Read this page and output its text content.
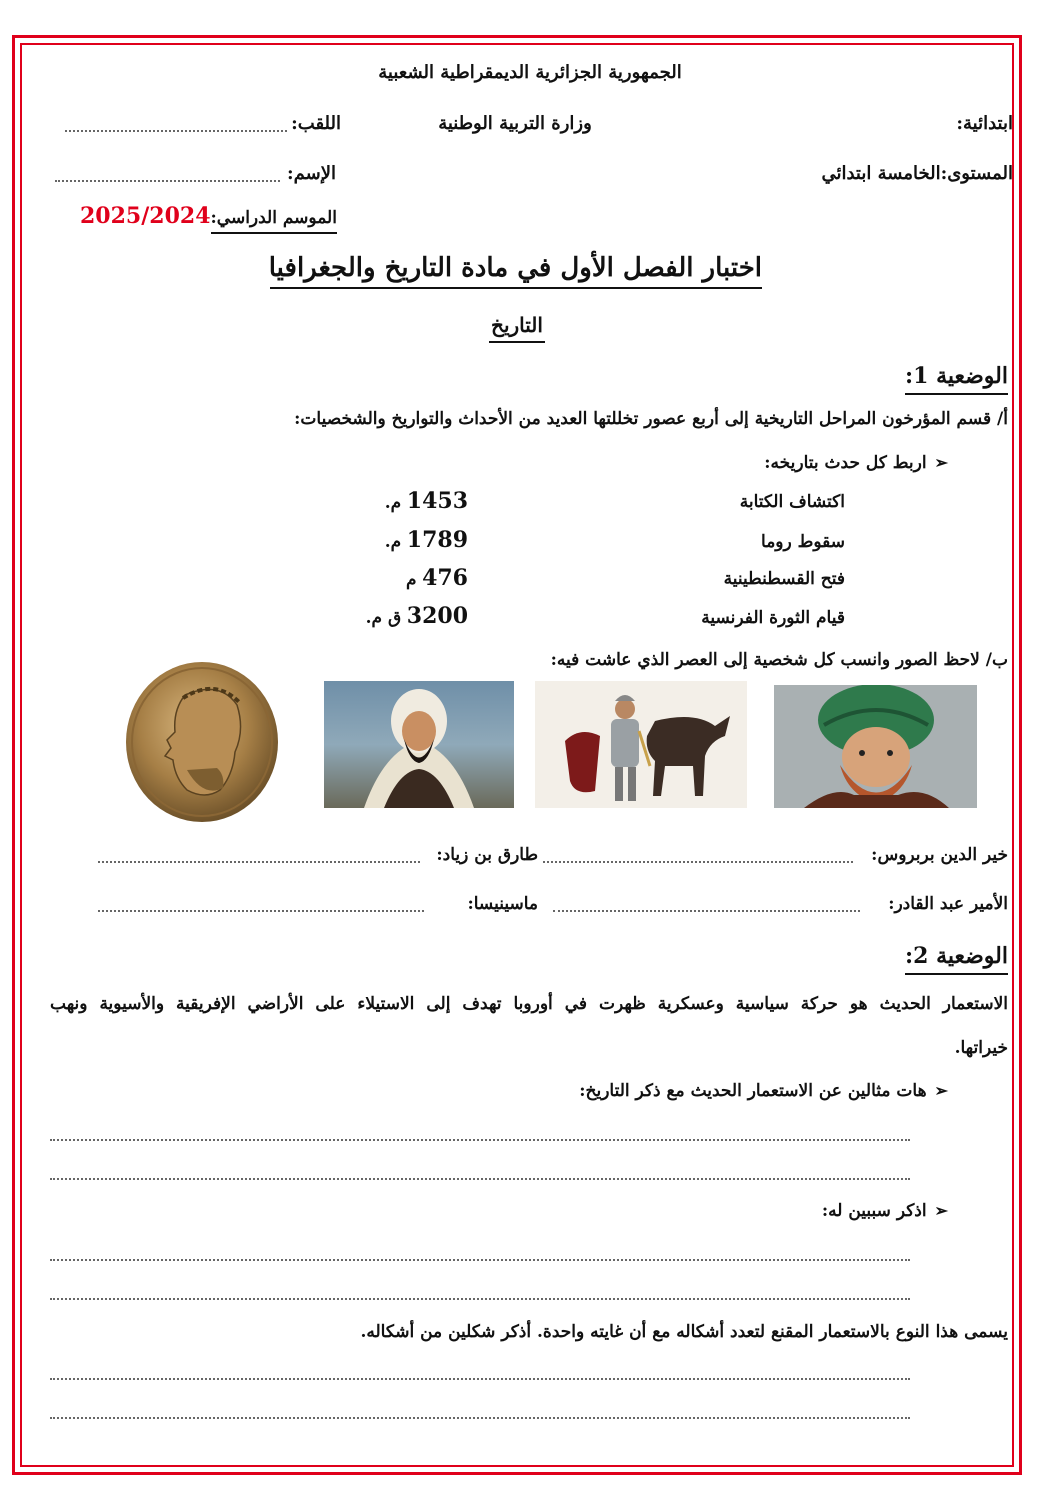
الجمهورية الجزائرية الديمقراطية الشعبية
ابتدائية:
وزارة التربية الوطنية
اللقب:
المستوى:الخامسة ابتدائي
الإسم:
الموسم الدراسي:2025/2024
اختبار الفصل الأول في مادة التاريخ والجغرافيا
التاريخ
الوضعية 1:
أ/ قسم المؤرخون المراحل التاريخية إلى أربع عصور تخللتها العديد من الأحداث والتواريخ والشخصيات:
➢اربط كل حدث بتاريخه:
اكتشاف الكتابة
سقوط روما
فتح القسطنطينية
قيام الثورة الفرنسية
1453 م.
1789 م.
476 م
3200 ق م.
ب/ لاحظ الصور وانسب كل شخصية إلى العصر الذي عاشت فيه:
خير الدين بربروس:
طارق بن زياد:
الأمير عبد القادر:
ماسينيسا:
الوضعية 2:
الاستعمار الحديث هو حركة سياسية وعسكرية ظهرت في أوروبا تهدف إلى الاستيلاء على الأراضي الإفريقية والأسيوية ونهب
خيراتها.
➢هات مثالين عن الاستعمار الحديث مع ذكر التاريخ:
➢اذكر سببين له:
يسمى هذا النوع بالاستعمار المقنع لتعدد أشكاله مع أن غايته واحدة. أذكر شكلين من أشكاله.
